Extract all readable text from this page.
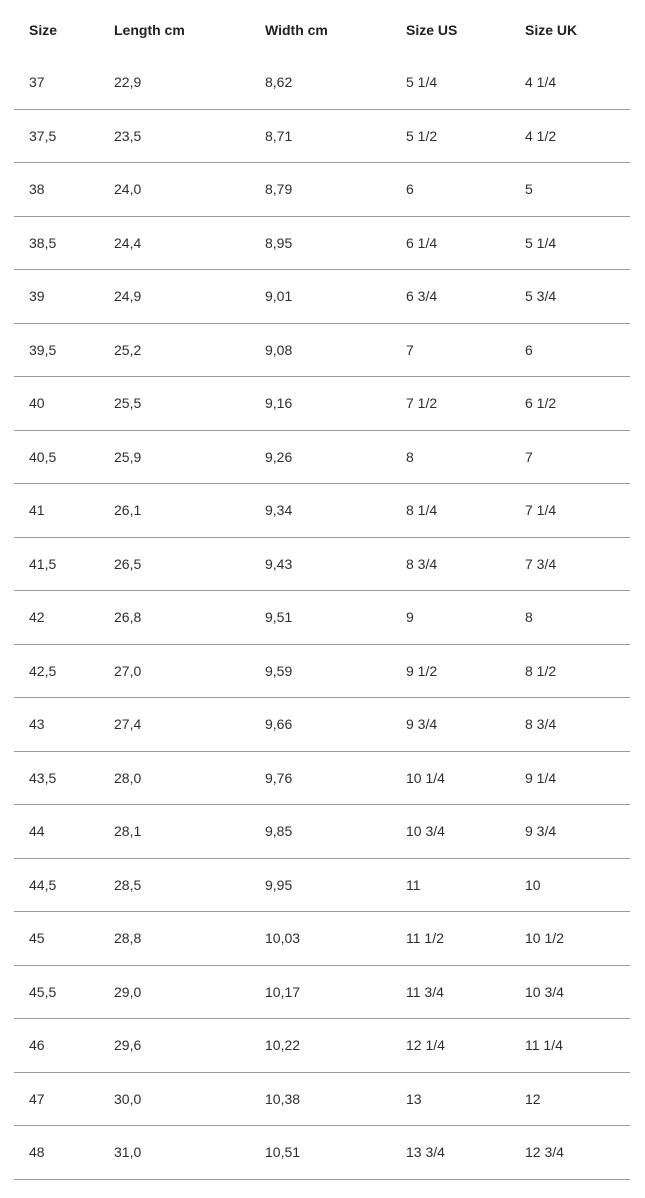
Size	Length cm	Width cm	Size US	Size UK
37	22,9	8,62	5 1/4	4 1/4
37,5	23,5	8,71	5 1/2	4 1/2
38	24,0	8,79	6	5
38,5	24,4	8,95	6 1/4	5 1/4
39	24,9	9,01	6 3/4	5 3/4
39,5	25,2	9,08	7	6
40	25,5	9,16	7 1/2	6 1/2
40,5	25,9	9,26	8	7
41	26,1	9,34	8 1/4	7 1/4
41,5	26,5	9,43	8 3/4	7 3/4
42	26,8	9,51	9	8
42,5	27,0	9,59	9 1/2	8 1/2
43	27,4	9,66	9 3/4	8 3/4
43,5	28,0	9,76	10 1/4	9 1/4
44	28,1	9,85	10 3/4	9 3/4
44,5	28,5	9,95	11	10
45	28,8	10,03	11 1/2	10 1/2
45,5	29,0	10,17	11 3/4	10 3/4
46	29,6	10,22	12 1/4	11 1/4
47	30,0	10,38	13	12
48	31,0	10,51	13 3/4	12 3/4
